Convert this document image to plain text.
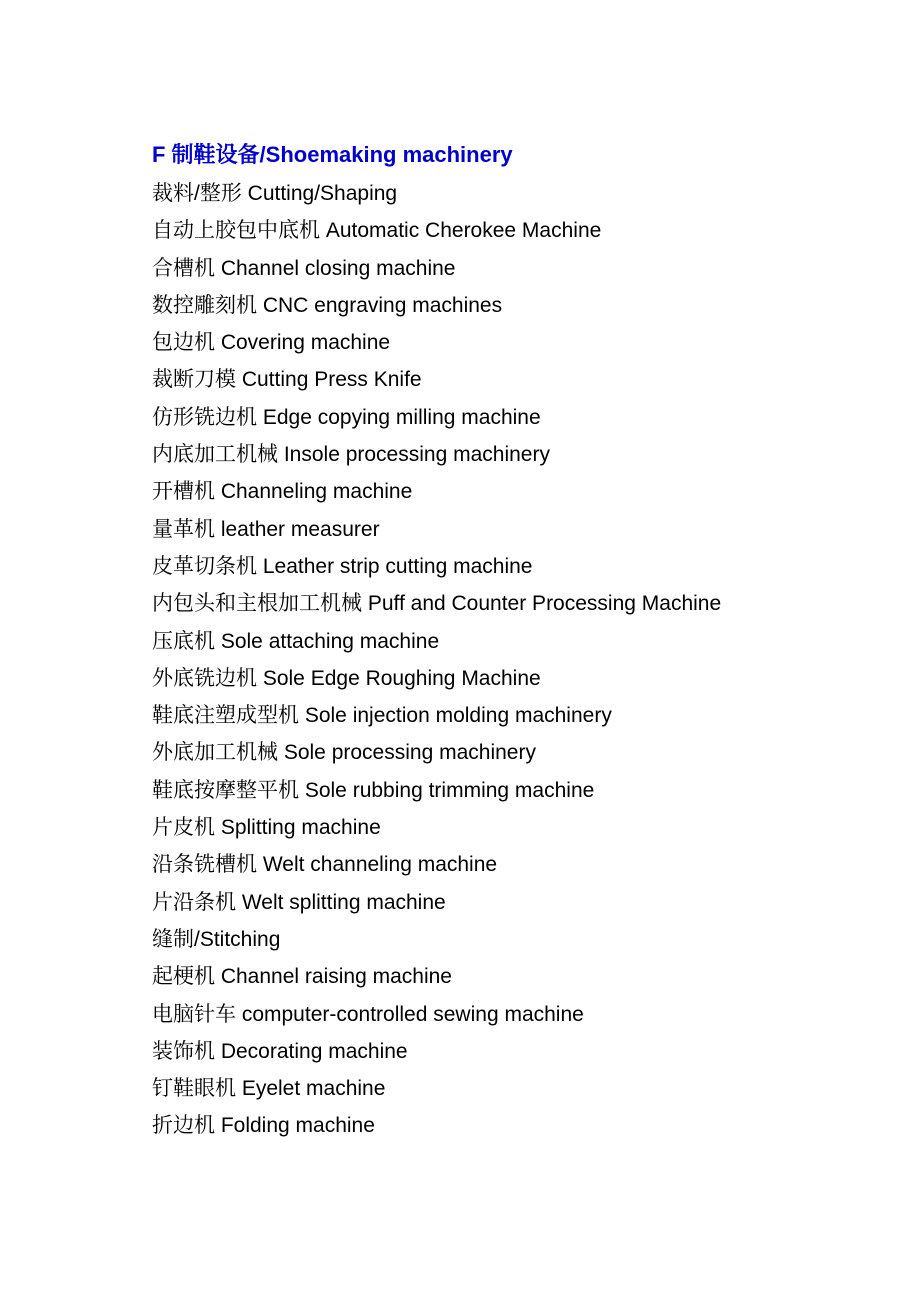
F 制鞋设备/Shoemaking machinery
裁料/整形 Cutting/Shaping
自动上胶包中底机 Automatic Cherokee Machine
合槽机 Channel closing machine
数控雕刻机 CNC engraving machines
包边机 Covering machine
裁断刀模 Cutting Press Knife
仿形铣边机 Edge copying milling machine
内底加工机械 Insole processing machinery
开槽机 Channeling machine
量革机 leather measurer
皮革切条机 Leather strip cutting machine
内包头和主根加工机械 Puff and Counter Processing Machine
压底机 Sole attaching machine
外底铣边机 Sole Edge Roughing Machine
鞋底注塑成型机 Sole injection molding machinery
外底加工机械 Sole processing machinery
鞋底按摩整平机 Sole rubbing trimming machine
片皮机 Splitting machine
沿条铣槽机 Welt channeling machine
片沿条机 Welt splitting machine
缝制/Stitching
起梗机 Channel raising machine
电脑针车 computer-controlled sewing machine
装饰机 Decorating machine
钉鞋眼机 Eyelet machine
折边机 Folding machine
